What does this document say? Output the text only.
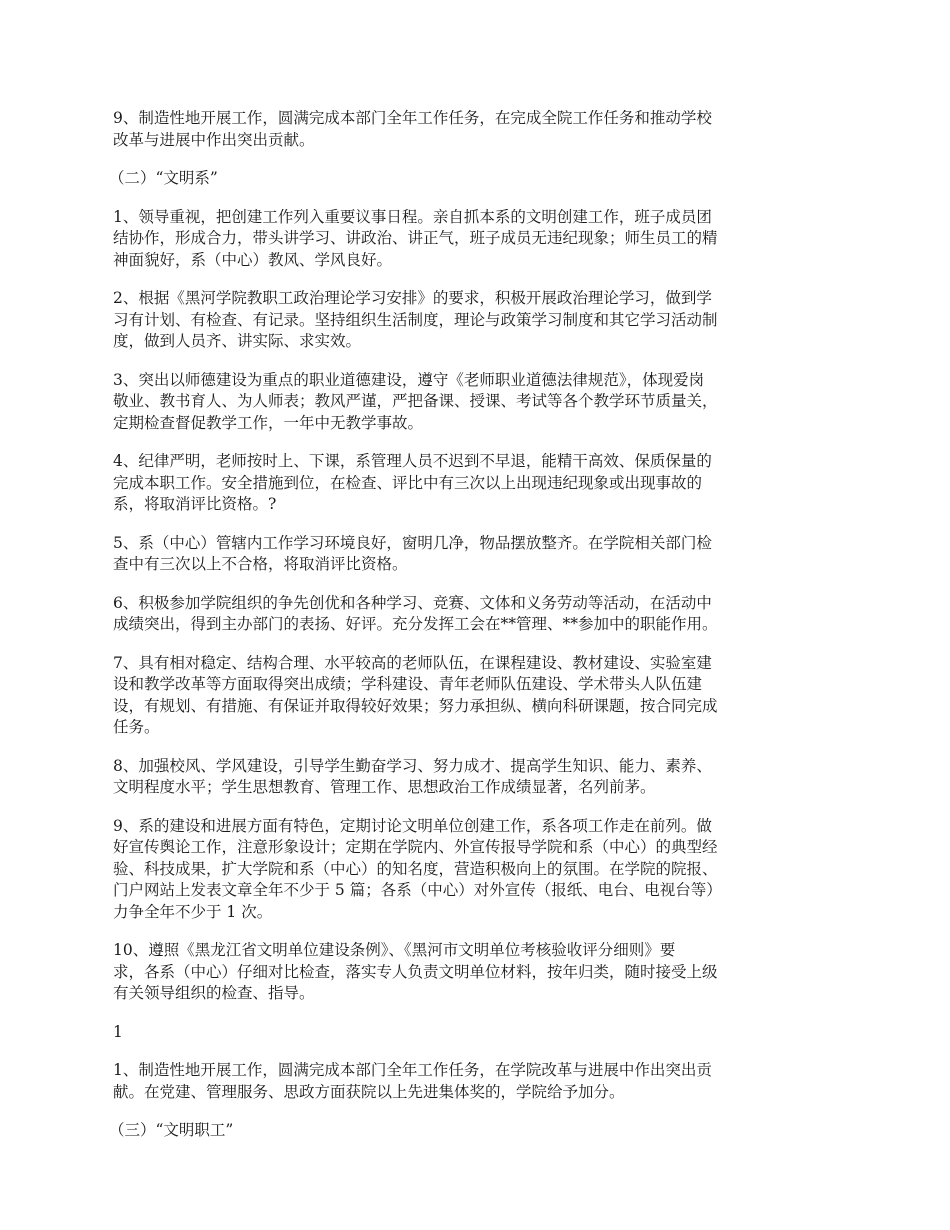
9、制造性地开展工作，圆满完成本部门全年工作任务，在完成全院工作任务和推动学校
改革与进展中作出突出贡献。

（二）“文明系”

1、领导重视，把创建工作列入重要议事日程。亲自抓本系的文明创建工作，班子成员团
结协作，形成合力，带头讲学习、讲政治、讲正气，班子成员无违纪现象；师生员工的精
神面貌好，系（中心）教风、学风良好。

2、根据《黑河学院教职工政治理论学习安排》的要求，积极开展政治理论学习，做到学
习有计划、有检查、有记录。坚持组织生活制度，理论与政策学习制度和其它学习活动制
度，做到人员齐、讲实际、求实效。

3、突出以师德建设为重点的职业道德建设，遵守《老师职业道德法律规范》，体现爱岗
敬业、教书育人、为人师表；教风严谨，严把备课、授课、考试等各个教学环节质量关，
定期检查督促教学工作，一年中无教学事故。

4、纪律严明，老师按时上、下课，系管理人员不迟到不早退，能精干高效、保质保量的
完成本职工作。安全措施到位，在检查、评比中有三次以上出现违纪现象或出现事故的
系，将取消评比资格。?

5、系（中心）管辖内工作学习环境良好，窗明几净，物品摆放整齐。在学院相关部门检
查中有三次以上不合格，将取消评比资格。

6、积极参加学院组织的争先创优和各种学习、竞赛、文体和义务劳动等活动，在活动中
成绩突出，得到主办部门的表扬、好评。充分发挥工会在**管理、**参加中的职能作用。

7、具有相对稳定、结构合理、水平较高的老师队伍，在课程建设、教材建设、实验室建
设和教学改革等方面取得突出成绩；学科建设、青年老师队伍建设、学术带头人队伍建
设，有规划、有措施、有保证并取得较好效果；努力承担纵、横向科研课题，按合同完成
任务。

8、加强校风、学风建设，引导学生勤奋学习、努力成才、提高学生知识、能力、素养、
文明程度水平；学生思想教育、管理工作、思想政治工作成绩显著，名列前茅。

9、系的建设和进展方面有特色，定期讨论文明单位创建工作，系各项工作走在前列。做
好宣传舆论工作，注意形象设计；定期在学院内、外宣传报导学院和系（中心）的典型经
验、科技成果，扩大学院和系（中心）的知名度，营造积极向上的氛围。在学院的院报、
门户网站上发表文章全年不少于 5 篇；各系（中心）对外宣传（报纸、电台、电视台等）
力争全年不少于 1 次。

10、遵照《黑龙江省文明单位建设条例》、《黑河市文明单位考核验收评分细则》要
求，各系（中心）仔细对比检查，落实专人负责文明单位材料，按年归类，随时接受上级
有关领导组织的检查、指导。

1

1、制造性地开展工作，圆满完成本部门全年工作任务，在学院改革与进展中作出突出贡
献。在党建、管理服务、思政方面获院以上先进集体奖的，学院给予加分。

（三）“文明职工”
